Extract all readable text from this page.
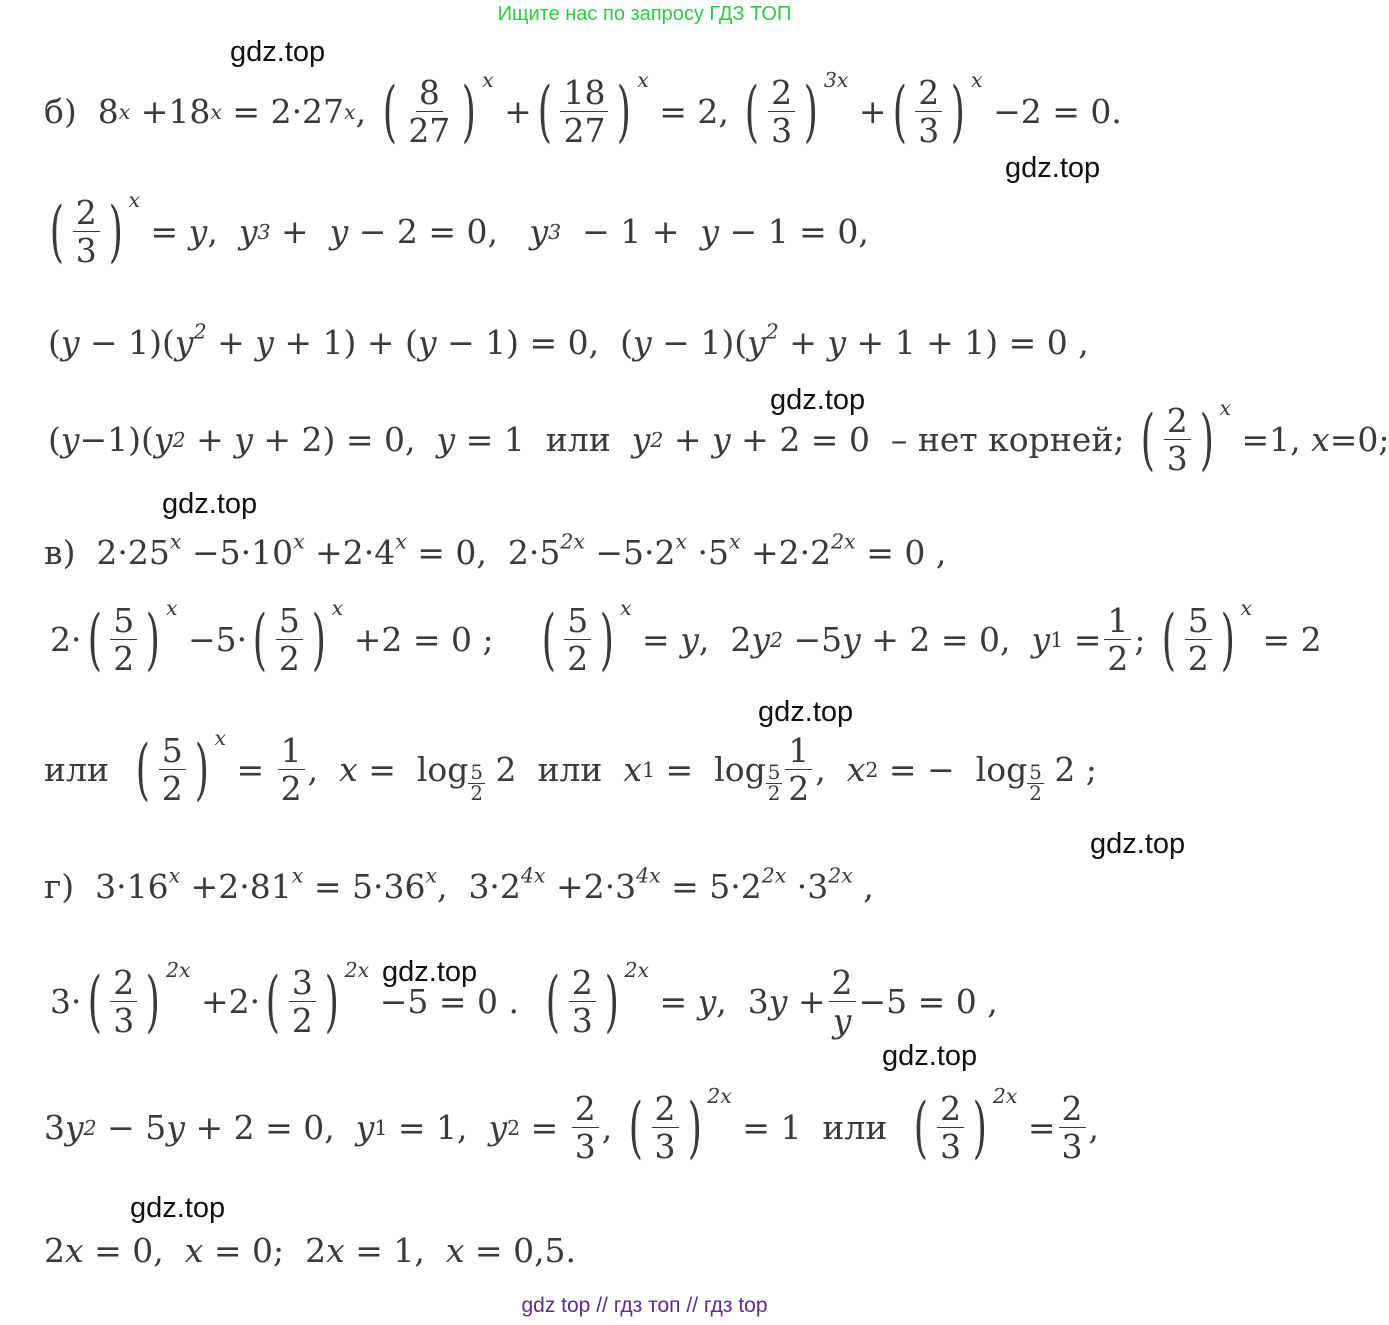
Ищите нас по запросу ГДЗ ТОП
gdz top // гдз топ // гдз top
gdz.top
gdz.top
gdz.top
gdz.top
gdz.top
gdz.top
gdz.top
gdz.top
gdz.top
б) 8 x +18 x = 2·27 x , ( $\frac{8}{27}$ ) x
+ ( $\frac{18}{27}$ ) x
= 2, ( $\frac{2}{3}$ ) 3x
+ ( $\frac{2}{3}$ ) x
−2 = 0.
( $\frac{2}{3}$ ) x
= y , y 3 + y − 2 = 0, y 3 − 1 + y − 1 = 0,
$(y - 1)(y^2 + y + 1) + (y - 1) = 0$,  $(y - 1)(y^2 + y + 1 + 1) = 0$ ,
( y −1)( y 2 + y + 2) = 0, y = 1 или
y 2 + y + 2 = 0 – нет корней;
( $\frac{2}{3}$ ) x
=1, x =0;
в)  $2\cdot 25^x -5\cdot 10^x +2\cdot 4^x = 0$,  $2\cdot 5^{2x} -5\cdot 2^x \cdot 5^x +2\cdot 2^{2x} = 0$ ,
2· ( $\frac{5}{2}$ ) x
−5· ( $\frac{5}{2}$ ) x
+2 = 0 ; ( $\frac{5}{2}$ ) x
= y ,  2 y 2 −5 y + 2 = 0, y $1 = \frac{1}{2}$ ; ( $\frac{5}{2}$ ) x
= 2
или
( $\frac{5}{2}$ ) x
= $\frac{1}{2}$ , x =  log 5
2
2 или
x 1 =  log 5
$2 \frac{1}{2}$ , x 2 = −  log 5
2
2 ;
г)  $3\cdot 16^x +2\cdot 81^x = 5\cdot 36^x$,  $3\cdot 2^{4x} +2\cdot 3^{4x} = 5\cdot 2^{2x} \cdot 3^{2x}$ ,
3· ( $\frac{2}{3}$ ) 2x
+2· ( $\frac{3}{2}$ ) 2x
−5 = 0 . ( $\frac{2}{3}$ ) 2x
= y ,  3 $y + \frac{2}{y} -5 = 0$ ,
3 y 2 − 5 y + 2 = 0, y 1 = 1, y $2 = \frac{2}{3}$ , ( $\frac{2}{3}$ ) 2x
= 1 или
( $\frac{2}{3}$ ) 2x
= $\frac{2}{3}$ ,
2x = 0,  x = 0;  2x = 1,  x = 0,5.
